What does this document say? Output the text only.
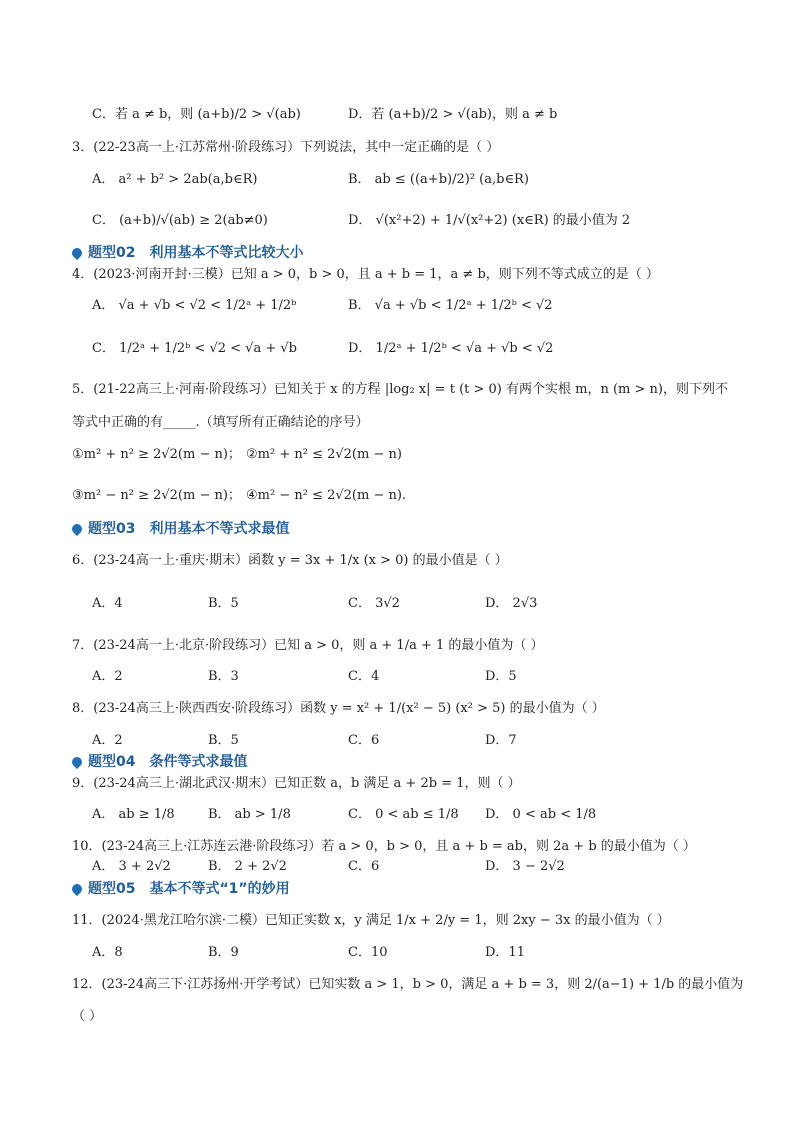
C．若 a ≠ b，则 (a+b)/2 > √(ab)	D．若 (a+b)/2 > √(ab)，则 a ≠ b
3．(22-23高一上·江苏常州·阶段练习）下列说法，其中一定正确的是（ ）
A． a² + b² > 2ab(a,b∈R)	B． ab ≤ ((a+b)/2)² (a,b∈R)
C． (a+b)/√(ab) ≥ 2(ab≠0)	D． √(x²+2) + 1/√(x²+2) (x∈R) 的最小值为 2
题型02 利用基本不等式比较大小
4．(2023·河南开封·三模）已知 a > 0，b > 0，且 a + b = 1，a ≠ b，则下列不等式成立的是（ ）
A． √a + √b < √2 < 1/2ᵃ + 1/2ᵇ	B． √a + √b < 1/2ᵃ + 1/2ᵇ < √2
C． 1/2ᵃ + 1/2ᵇ < √2 < √a + √b	D． 1/2ᵃ + 1/2ᵇ < √a + √b < √2
5．(21-22高三上·河南·阶段练习）已知关于 x 的方程 |log₂ x| = t (t > 0) 有两个实根 m，n (m > n)，则下列不
等式中正确的有_____.（填写所有正确结论的序号）
①m² + n² ≥ 2√2(m − n)； ②m² + n² ≤ 2√2(m − n)
③m² − n² ≥ 2√2(m − n)； ④m² − n² ≤ 2√2(m − n).
题型03 利用基本不等式求最值
6．(23-24高一上·重庆·期末）函数 y = 3x + 1/x (x > 0) 的最小值是（ ）
A．4	B．5	C． 3√2	D． 2√3
7．(23-24高一上·北京·阶段练习）已知 a > 0，则 a + 1/a + 1 的最小值为（ ）
A．2	B．3	C．4	D．5
8．(23-24高三上·陕西西安·阶段练习）函数 y = x² + 1/(x² − 5) (x² > 5) 的最小值为（ ）
A．2	B．5	C．6	D．7
题型04 条件等式求最值
9．(23-24高三上·湖北武汉·期末）已知正数 a，b 满足 a + 2b = 1，则（ ）
A． ab ≥ 1/8	B． ab > 1/8	C． 0 < ab ≤ 1/8 D． 0 < ab < 1/8
10．(23-24高三上·江苏连云港·阶段练习）若 a > 0，b > 0，且 a + b = ab，则 2a + b 的最小值为（ ）
A． 3 + 2√2	B． 2 + 2√2	C．6	D． 3 − 2√2
题型05 基本不等式“1”的妙用
11．(2024·黑龙江哈尔滨·二模）已知正实数 x，y 满足 1/x + 2/y = 1，则 2xy − 3x 的最小值为（ ）
A．8	B．9	C．10	D．11
12．(23-24高三下·江苏扬州·开学考试）已知实数 a > 1，b > 0，满足 a + b = 3，则 2/(a−1) + 1/b 的最小值为
（ ）
